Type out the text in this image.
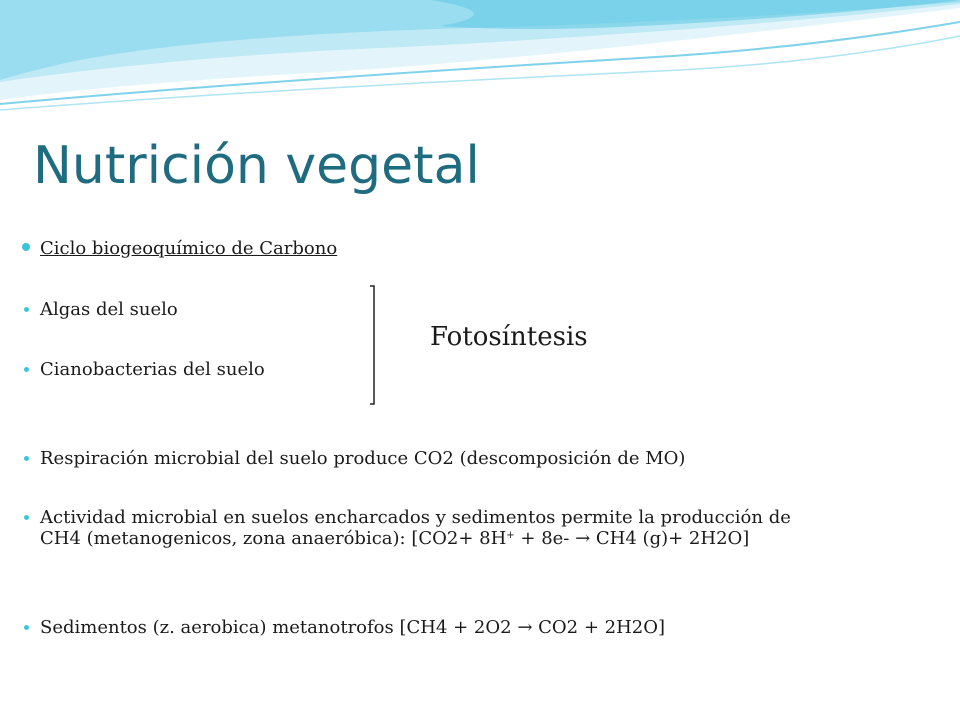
Nutrición vegetal
Ciclo biogeoquímico de Carbono
Algas del suelo
Cianobacterias del suelo
Fotosíntesis
Respiración microbial del suelo produce CO2 (descomposición de MO)
Actividad microbial en suelos encharcados y sedimentos permite la producción de CH4 (metanogenicos, zona anaeróbica): [CO2+ 8H+ + 8e- → CH4 (g)+ 2H2O]
Sedimentos (z. aerobica) metanotrofos [CH4 + 2O2 → CO2 + 2H2O]
